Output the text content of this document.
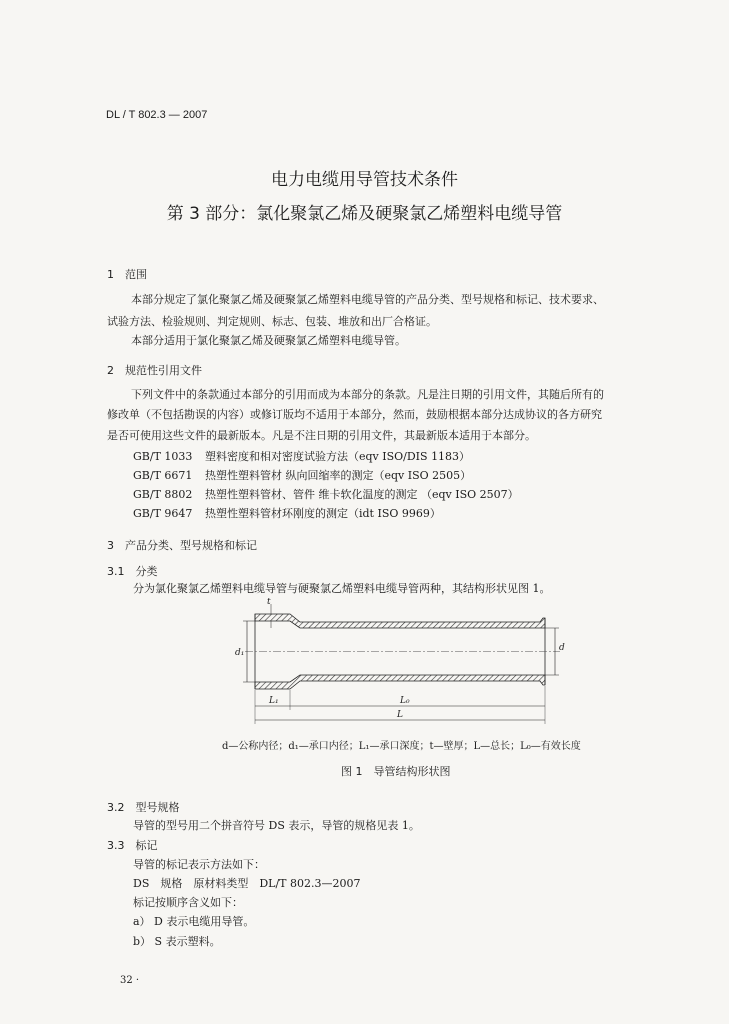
DL / T 802.3 — 2007
电力电缆用导管技术条件
第 3 部分：氯化聚氯乙烯及硬聚氯乙烯塑料电缆导管
1　范围
本部分规定了氯化聚氯乙烯及硬聚氯乙烯塑料电缆导管的产品分类、型号规格和标记、技术要求、
试验方法、检验规则、判定规则、标志、包装、堆放和出厂合格证。
本部分适用于氯化聚氯乙烯及硬聚氯乙烯塑料电缆导管。
2　规范性引用文件
下列文件中的条款通过本部分的引用而成为本部分的条款。凡是注日期的引用文件，其随后所有的
修改单（不包括勘误的内容）或修订版均不适用于本部分，然而，鼓励根据本部分达成协议的各方研究
是否可使用这些文件的最新版本。凡是不注日期的引用文件，其最新版本适用于本部分。
GB/T 1033 塑料密度和相对密度试验方法（eqv ISO/DIS 1183）
GB/T 6671 热塑性塑料管材 纵向回缩率的测定（eqv ISO 2505）
GB/T 8802 热塑性塑料管材、管件 维卡软化温度的测定 （eqv ISO 2507）
GB/T 9647 热塑性塑料管材环刚度的测定（idt ISO 9969）
3　产品分类、型号规格和标记
3.1　分类
分为氯化聚氯乙烯塑料电缆导管与硬聚氯乙烯塑料电缆导管两种，其结构形状见图 1。
d₁	d
t
L₁	L₀
L
d—公称内径；d₁—承口内径；L₁—承口深度；t—壁厚；L—总长；L₀—有效长度
图 1　导管结构形状图
3.2　型号规格
导管的型号用二个拼音符号 DS 表示，导管的规格见表 1。
3.3　标记
导管的标记表示方法如下：
DS　规格　原材料类型　DL/T 802.3—2007
标记按顺序含义如下：
a） D 表示电缆用导管。
b） S 表示塑料。
32 ·
